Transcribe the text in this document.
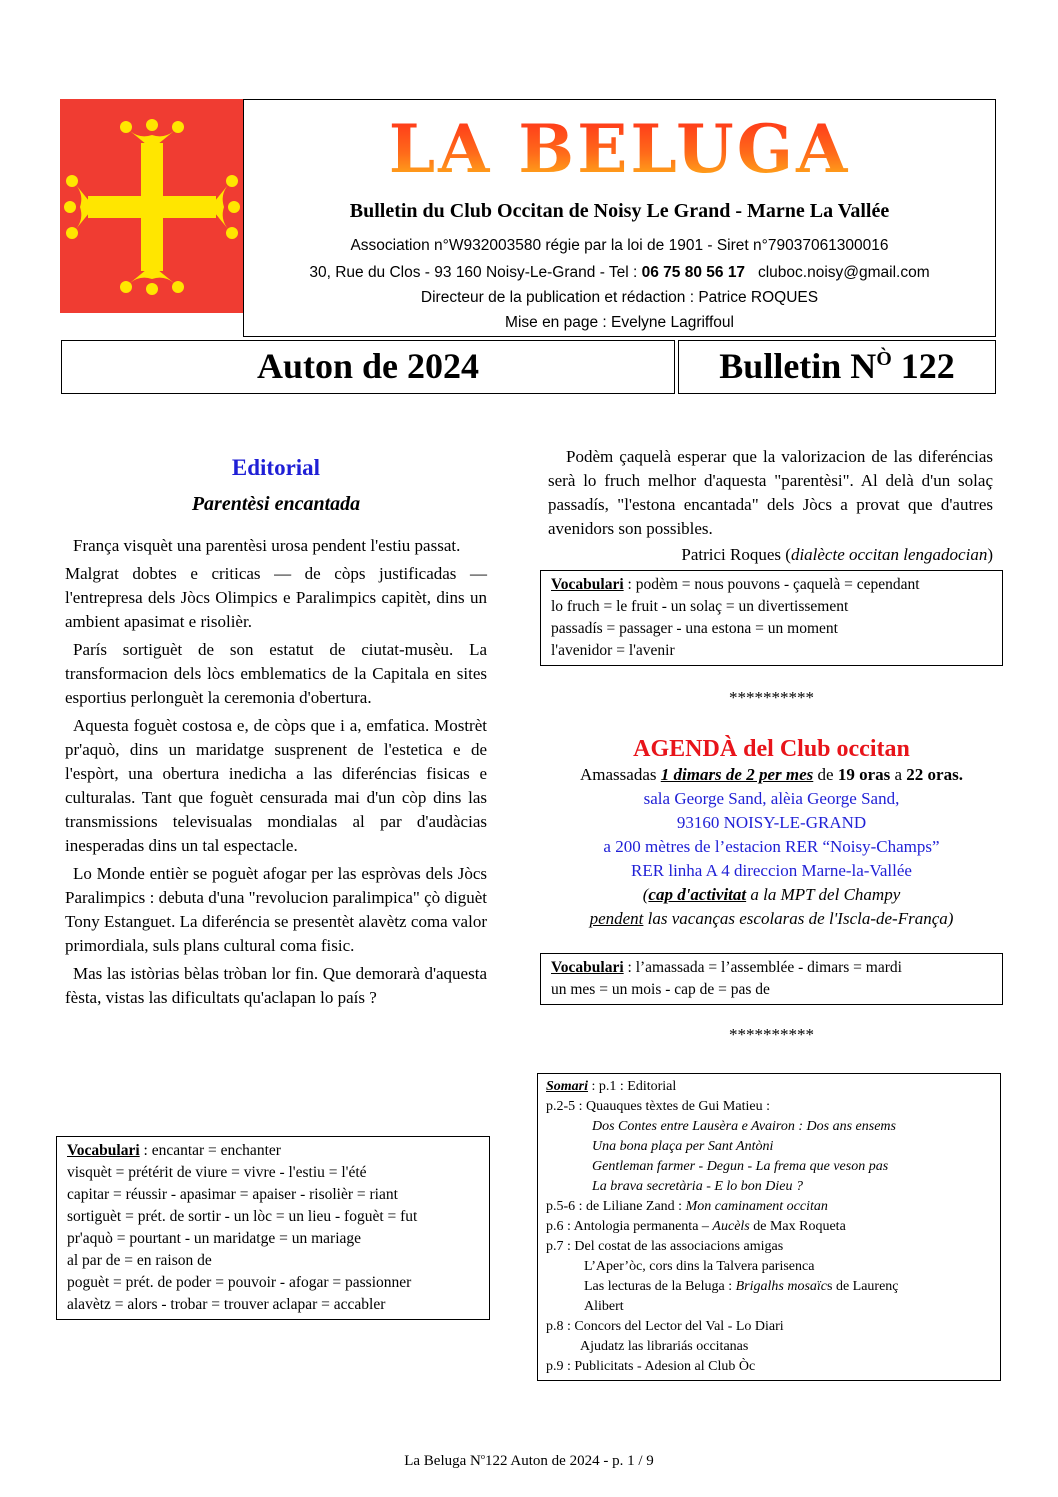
LA BELUGA
Bulletin du Club Occitan de Noisy Le Grand - Marne La Vallée
Association n°W932003580 régie par la loi de 1901 - Siret n°79037061300016
30, Rue du Clos - 93 160 Noisy-Le-Grand - Tel : 06 75 80 56 17 cluboc.noisy@gmail.com
Directeur de la publication et rédaction : Patrice ROQUES
Mise en page : Evelyne Lagriffoul
Auton de 2024	Bulletin $N^Ò$ 122
Editorial
Parentèsi encantada

França visquèt una parentèsi urosa pendent l'estiu passat.

Malgrat dobtes e criticas — de còps justificadas — l'entrepresa dels Jòcs Olimpics e Paralimpics capitèt, dins un ambient apasimat e risolièr.

París sortiguèt de son estatut de ciutat-musèu. La transformacion dels lòcs emblematics de la Capitala en sites esportius perlonguèt la ceremonia d'obertura.

Aquesta foguèt costosa e, de còps que i a, emfatica. Mostrèt pr'aquò, dins un maridatge susprenent de l'estetica e de l'espòrt, una obertura inedicha a las diferéncias fisicas e culturalas. Tant que foguèt censurada mai d'un còp dins las transmissions televisualas mondialas al par d'audàcias inesperadas dins un tal espectacle.

Lo Monde entièr se poguèt afogar per las espròvas dels Jòcs Paralimpics : debuta d'una "revolucion paralimpica" çò diguèt Tony Estanguet. La diferéncia se presentèt alavètz coma valor primordiala, suls plans cultural coma fisic.

Mas las istòrias bèlas tròban lor fin. Que demorarà d'aquesta fèsta, vistas las dificultats qu'aclapan lo país ?

Vocabulari : encantar = enchanter
visquèt = prétérit de viure = vivre - l'estiu = l'été
capitar = réussir - apasimar = apaiser - risolièr = riant
sortiguèt = prét. de sortir - un lòc = un lieu - foguèt = fut
pr'aquò = pourtant - un maridatge = un mariage
al par de = en raison de
poguèt = prét. de poder = pouvoir - afogar = passionner
alavètz = alors - trobar = trouver aclapar = accabler

Podèm çaquelà esperar que la valorizacion de las diferéncias serà lo fruch melhor d'aquesta "parentèsi". Al delà d'un solaç passadís, "l'estona encantada" dels Jòcs a provat que d'autres avenidors son possibles.

Patrici Roques (dialècte occitan lengadocian)
Vocabulari : podèm = nous pouvons - çaquelà = cependant
lo fruch = le fruit - un solaç = un divertissement
passadís = passager - una estona = un moment
l'avenidor = l'avenir
**********
AGENDÀ del Club occitan
Amassadas 1 dimars de 2 per mes de 19 oras a 22 oras.
sala George Sand, alèia George Sand,
93160 NOISY-LE-GRAND
a 200 mètres de l’estacion RER “Noisy-Champs”
RER linha A 4 direccion Marne-la-Vallée
(cap d'activitat a la MPT del Champy
pendent las vacanças escolaras de l'Iscla-de-França)
Vocabulari : l’amassada = l’assemblée - dimars = mardi
un mes = un mois - cap de = pas de
**********
Somari : p.1 : Editorial
p.2-5 : Quauques tèxtes de Gui Matieu :
Dos Contes entre Lausèra e Avairon : Dos ans ensems
Una bona plaça per Sant Antòni
Gentleman farmer - Degun - La frema que veson pas
La brava secretària - E lo bon Dieu ?
p.5-6 : de Liliane Zand : Mon caminament occitan
p.6 : Antologia permanenta – Aucèls de Max Roqueta
p.7 : Del costat de las associacions amigas
L’Aper’òc, cors dins la Talvera parisenca
Las lecturas de la Beluga : Brigalhs mosaïcs de Laurenç
Alibert
p.8 : Concors del Lector del Val - Lo Diari
Ajudatz las librariás occitanas
p.9 : Publicitats - Adesion al Club Òc
La Beluga $N^o122$ Auton de 2024 - p. 1 / 9
